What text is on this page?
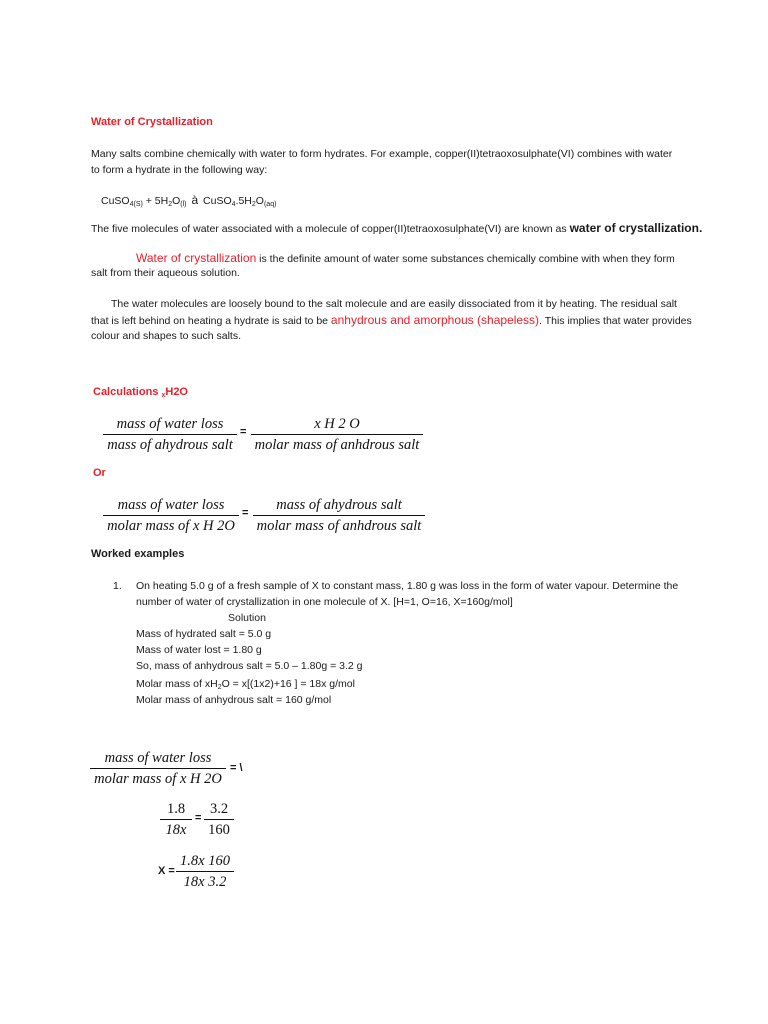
Water of Crystallization
Many salts combine chemically with water to form hydrates. For example, copper(II)tetraoxosulphate(VI) combines with water
to form a hydrate in the following way:
CuSO$_{4(S)}$ + $5H_2O_{(l)}$ à $CuSO_4.5H_2O_{(aq)}$
The five molecules of water associated with a molecule of copper(II)tetraoxosulphate(VI) are known as water of crystallization.
Water of crystallization is the definite amount of water some substances chemically combine with when they form
salt from their aqueous solution.
The water molecules are loosely bound to the salt molecule and are easily dissociated from it by heating. The residual salt
that is left behind on heating a hydrate is said to be anhydrous and amorphous (shapeless). This implies that water provides
colour and shapes to such salts.
Calculations $_x$H2O
mass of water loss
mass of ahydrous salt
=	x H 2 O
molar mass of anhdrous salt
Or
mass of water loss
molar mass of x H 2O
= mass of ahydrous salt
molar mass of anhdrous salt
Worked examples
1. On heating 5.0 g of a fresh sample of X to constant mass, 1.80 g was loss in the form of water vapour. Determine the
number of water of crystallization in one molecule of X. [H=1, O=16, X=160g/mol]
Solution
Mass of hydrated salt = 5.0 g
Mass of water lost = 1.80 g
So, mass of anhydrous salt = 5.0 – 1.80g = 3.2 g
Molar mass of $xH_2O = x[(1x2)+16$ ] = 18x g/mol
Molar mass of anhydrous salt = 160 g/mol
mass of water loss
molar mass of x H 2O
= \
1.8
18x
=
3.2
160
X =
1.8x 160
18x 3.2
